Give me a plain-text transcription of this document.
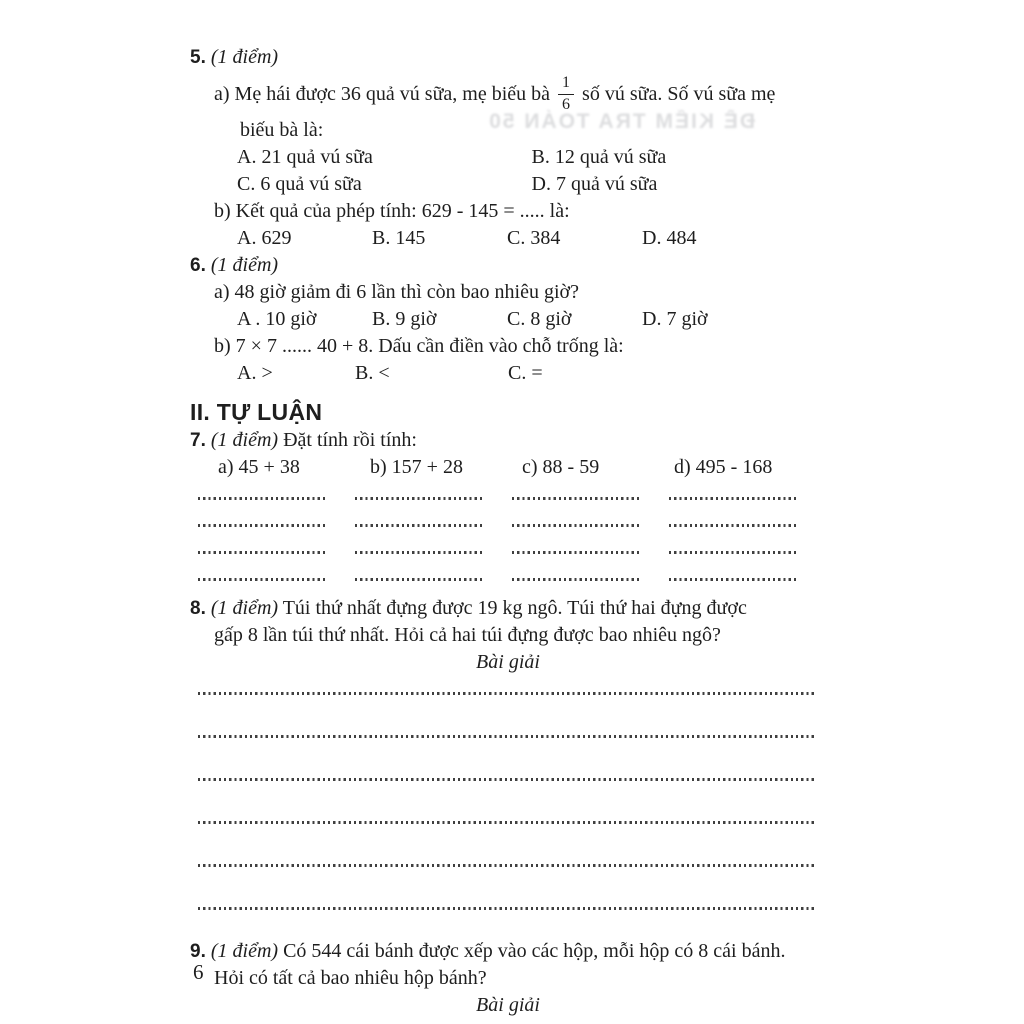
ĐỀ KIỂM TRA TOÁN 50
5. (1 điểm)
a) Mẹ hái được 36 quả vú sữa, mẹ biếu bà $\frac{1}{6}$ số vú sữa. Số vú sữa mẹ
biếu bà là:
A. 21 quả vú sữa	B. 12 quả vú sữa
C. 6 quả vú sữa	D. 7 quả vú sữa
b) Kết quả của phép tính: 629 - 145 = ..... là:
A. 629	B. 145	C. 384	D. 484
6. (1 điểm)
a) 48 giờ giảm đi 6 lần thì còn bao nhiêu giờ?
A . 10 giờ	B. 9 giờ	C. 8 giờ	D. 7 giờ
b) 7 × 7 ...... 40 + 8. Dấu cần điền vào chỗ trống là:
A. >	B. <	C. =
II. TỰ LUẬN
7. (1 điểm) Đặt tính rồi tính:
a) 45 + 38	b) 157 + 28	c) 88 - 59	d) 495 - 168
8. (1 điểm) Túi thứ nhất đựng được 19 kg ngô. Túi thứ hai đựng được
gấp 8 lần túi thứ nhất. Hỏi cả hai túi đựng được bao nhiêu ngô?
Bài giải
9. (1 điểm) Có 544 cái bánh được xếp vào các hộp, mỗi hộp có 8 cái bánh.
Hỏi có tất cả bao nhiêu hộp bánh?
Bài giải
6
